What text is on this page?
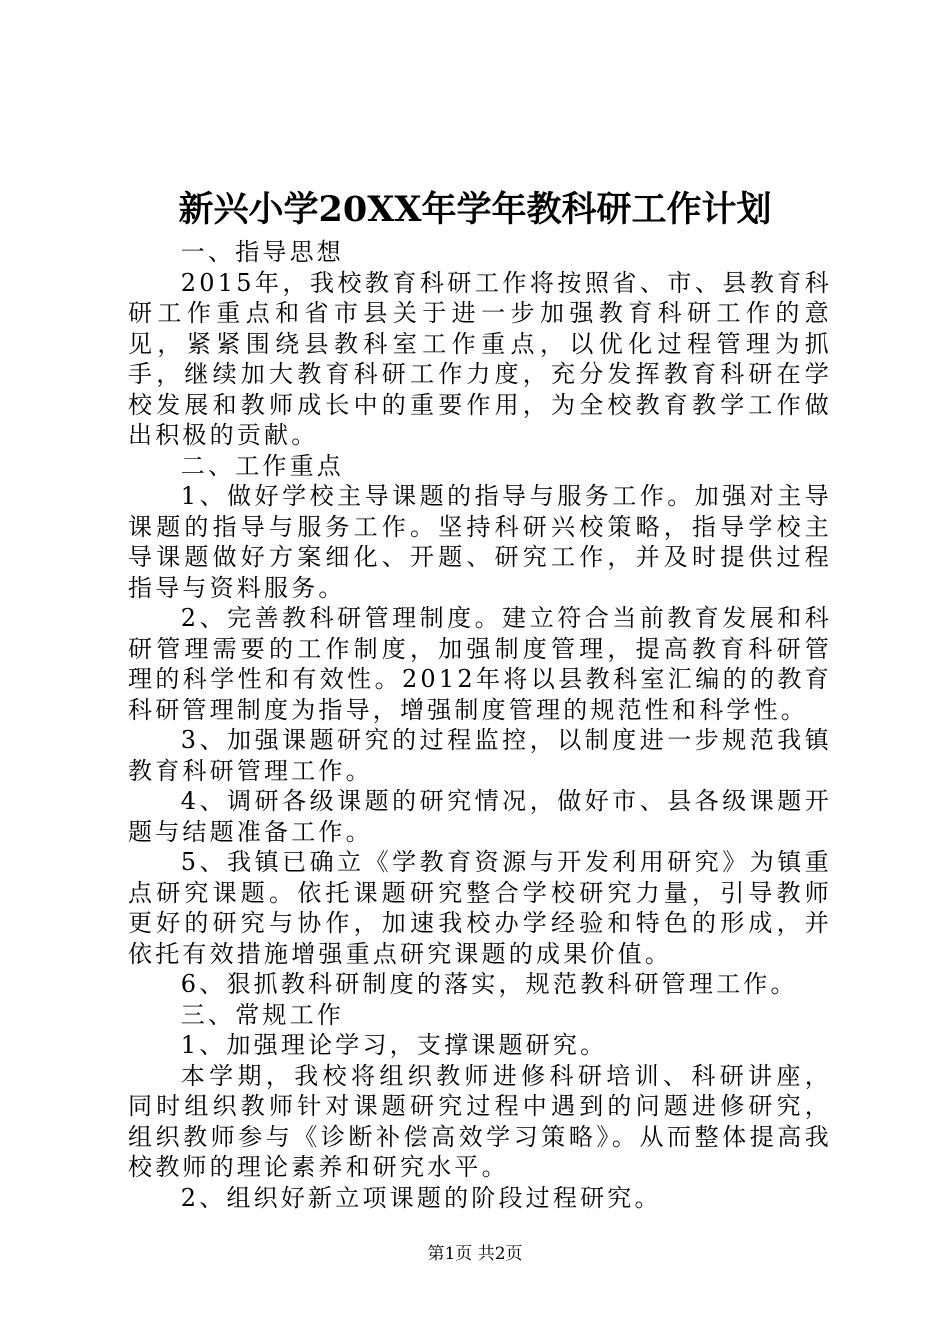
新兴小学20XX年学年教科研工作计划

一、指导思想

2015年，我校教育科研工作将按照省、市、县教育科研工作重点和省市县关于进一步加强教育科研工作的意见，紧紧围绕县教科室工作重点，以优化过程管理为抓手，继续加大教育科研工作力度，充分发挥教育科研在学校发展和教师成长中的重要作用，为全校教育教学工作做出积极的贡献。

二、工作重点

1、做好学校主导课题的指导与服务工作。加强对主导课题的指导与服务工作。坚持科研兴校策略，指导学校主导课题做好方案细化、开题、研究工作，并及时提供过程指导与资料服务。

2、完善教科研管理制度。建立符合当前教育发展和科研管理需要的工作制度，加强制度管理，提高教育科研管理的科学性和有效性。2012年将以县教科室汇编的的教育科研管理制度为指导，增强制度管理的规范性和科学性。

3、加强课题研究的过程监控，以制度进一步规范我镇教育科研管理工作。

4、调研各级课题的研究情况，做好市、县各级课题开题与结题准备工作。

5、我镇已确立《学教育资源与开发利用研究》为镇重点研究课题。依托课题研究整合学校研究力量，引导教师更好的研究与协作，加速我校办学经验和特色的形成，并依托有效措施增强重点研究课题的成果价值。

6、狠抓教科研制度的落实，规范教科研管理工作。

三、常规工作

1、加强理论学习，支撑课题研究。

本学期，我校将组织教师进修科研培训、科研讲座，同时组织教师针对课题研究过程中遇到的问题进修研究，组织教师参与《诊断补偿高效学习策略》。从而整体提高我校教师的理论素养和研究水平。

2、组织好新立项课题的阶段过程研究。

第1页 共2页
